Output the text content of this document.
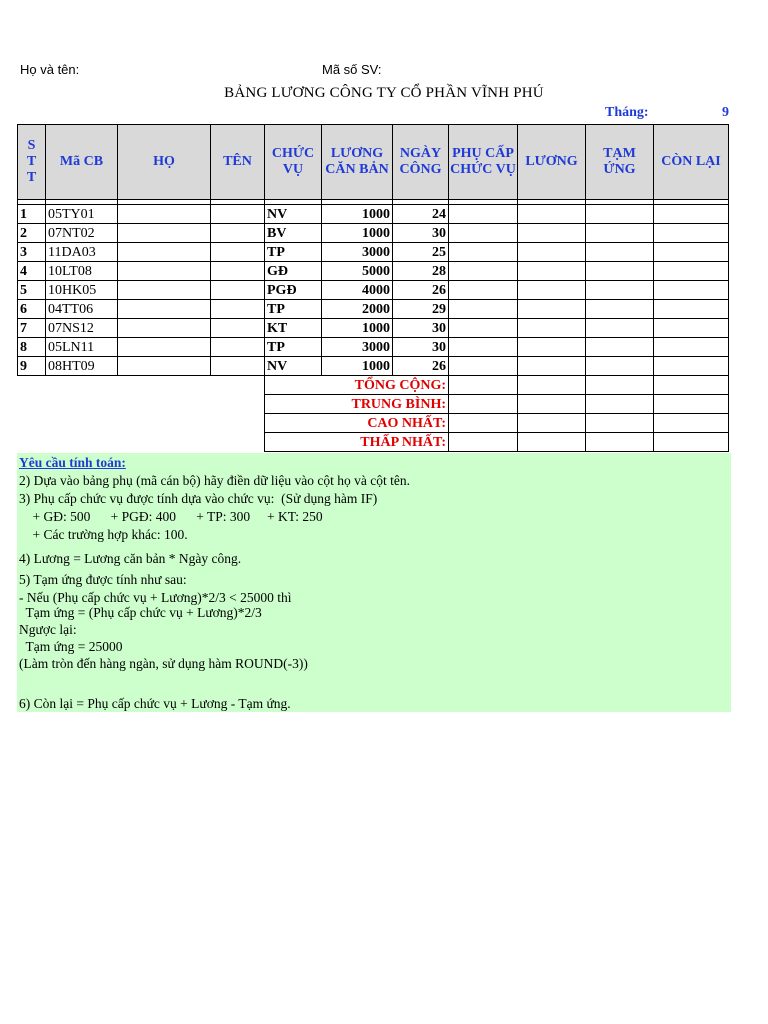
Họ và tên:	Mã số SV:
BẢNG LƯƠNG CÔNG TY CỔ PHẦN VĨNH PHÚ
Tháng:	9
S T T	Mã CB	HỌ	TÊN	CHỨC VỤ	LƯƠNG CĂN BẢN	NGÀY CÔNG	PHỤ CẤP CHỨC VỤ	LƯƠNG	TẠM ỨNG	CÒN LẠI

1	05TY01			NV	1000	24				
2	07NT02			BV	1000	30				
3	11DA03			TP	3000	25				
4	10LT08			GĐ	5000	28				
5	10HK05			PGĐ	4000	26				
6	04TT06			TP	2000	29				
7	07NS12			KT	1000	30				
8	05LN11			TP	3000	30				
9	08HT09			NV	1000	26				
				TỔNG CỘNG:						
				TRUNG BÌNH:						
				CAO NHẤT:						
				THẤP NHẤT:						
Yêu cầu tính toán:
2) Dựa vào bảng phụ (mã cán bộ) hãy điền dữ liệu vào cột họ và cột tên.
3) Phụ cấp chức vụ được tính dựa vào chức vụ:  (Sử dụng hàm IF)
+ GĐ: 500      + PGĐ: 400      + TP: 300     + KT: 250
+ Các trường hợp khác: 100.
4) Lương = Lương căn bản * Ngày công.
5) Tạm ứng được tính như sau:
- Nếu (Phụ cấp chức vụ + Lương)*2/3 < 25000 thì
Tạm ứng = (Phụ cấp chức vụ + Lương)*2/3
Ngược lại:
Tạm ứng = 25000
(Làm tròn đến hàng ngàn, sử dụng hàm ROUND(-3))
6) Còn lại = Phụ cấp chức vụ + Lương - Tạm ứng.
